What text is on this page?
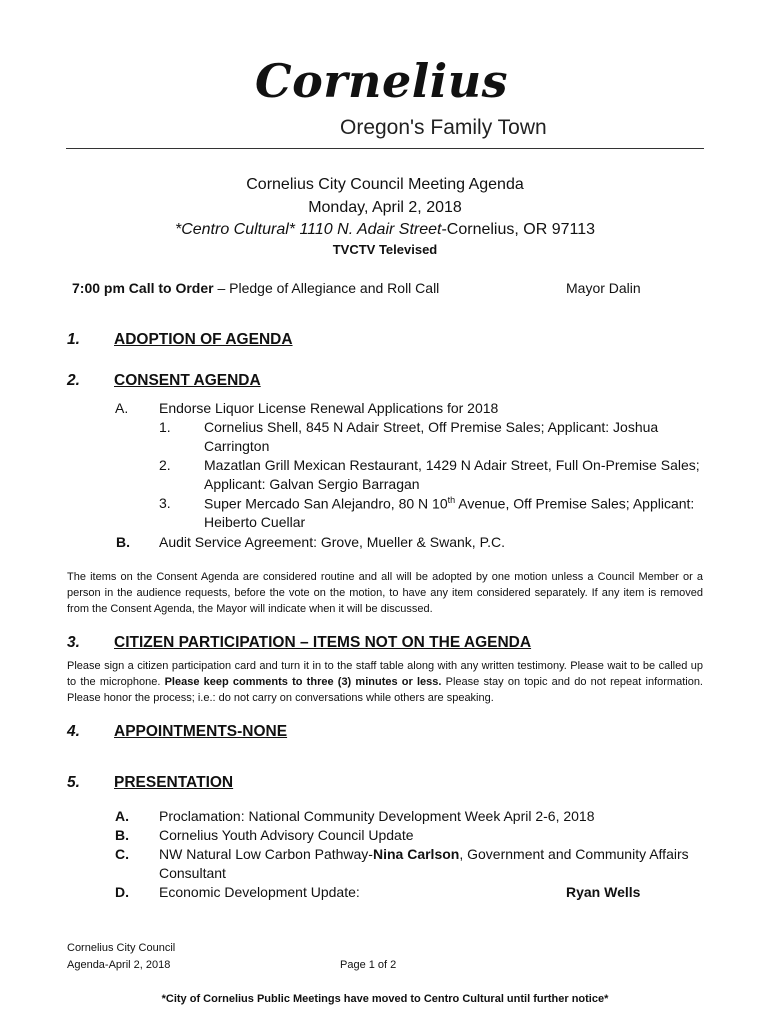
Cornelius
Oregon's Family Town
Cornelius City Council Meeting Agenda
Monday, April 2, 2018
*Centro Cultural* 1110 N. Adair Street-Cornelius, OR 97113
TVCTV Televised
7:00 pm Call to Order – Pledge of Allegiance and Roll Call	Mayor Dalin
1. ADOPTION OF AGENDA
2. CONSENT AGENDA
A. Endorse Liquor License Renewal Applications for 2018
1. Cornelius Shell, 845 N Adair Street, Off Premise Sales; Applicant: Joshua
Carrington
2. Mazatlan Grill Mexican Restaurant, 1429 N Adair Street, Full On-Premise Sales;
Applicant: Galvan Sergio Barragan
3. Super Mercado San Alejandro, 80 N 10th Avenue, Off Premise Sales; Applicant:
Heiberto Cuellar
B. Audit Service Agreement: Grove, Mueller & Swank, P.C.
The items on the Consent Agenda are considered routine and all will be adopted by one motion unless a Council Member or a person in the audience requests, before the vote on the motion, to have any item considered separately. If any item is removed from the Consent Agenda, the Mayor will indicate when it will be discussed.
3. CITIZEN PARTICIPATION – ITEMS NOT ON THE AGENDA
Please sign a citizen participation card and turn it in to the staff table along with any written testimony. Please wait to be called up to the microphone. Please keep comments to three (3) minutes or less. Please stay on topic and do not repeat information. Please honor the process; i.e.: do not carry on conversations while others are speaking.
4. APPOINTMENTS-NONE
5. PRESENTATION
A. Proclamation: National Community Development Week April 2-6, 2018
B. Cornelius Youth Advisory Council Update
C. NW Natural Low Carbon Pathway-Nina Carlson, Government and Community Affairs
Consultant
D. Economic Development Update:	Ryan Wells
Cornelius City Council
Agenda-April 2, 2018	Page 1 of 2
*City of Cornelius Public Meetings have moved to Centro Cultural until further notice*
